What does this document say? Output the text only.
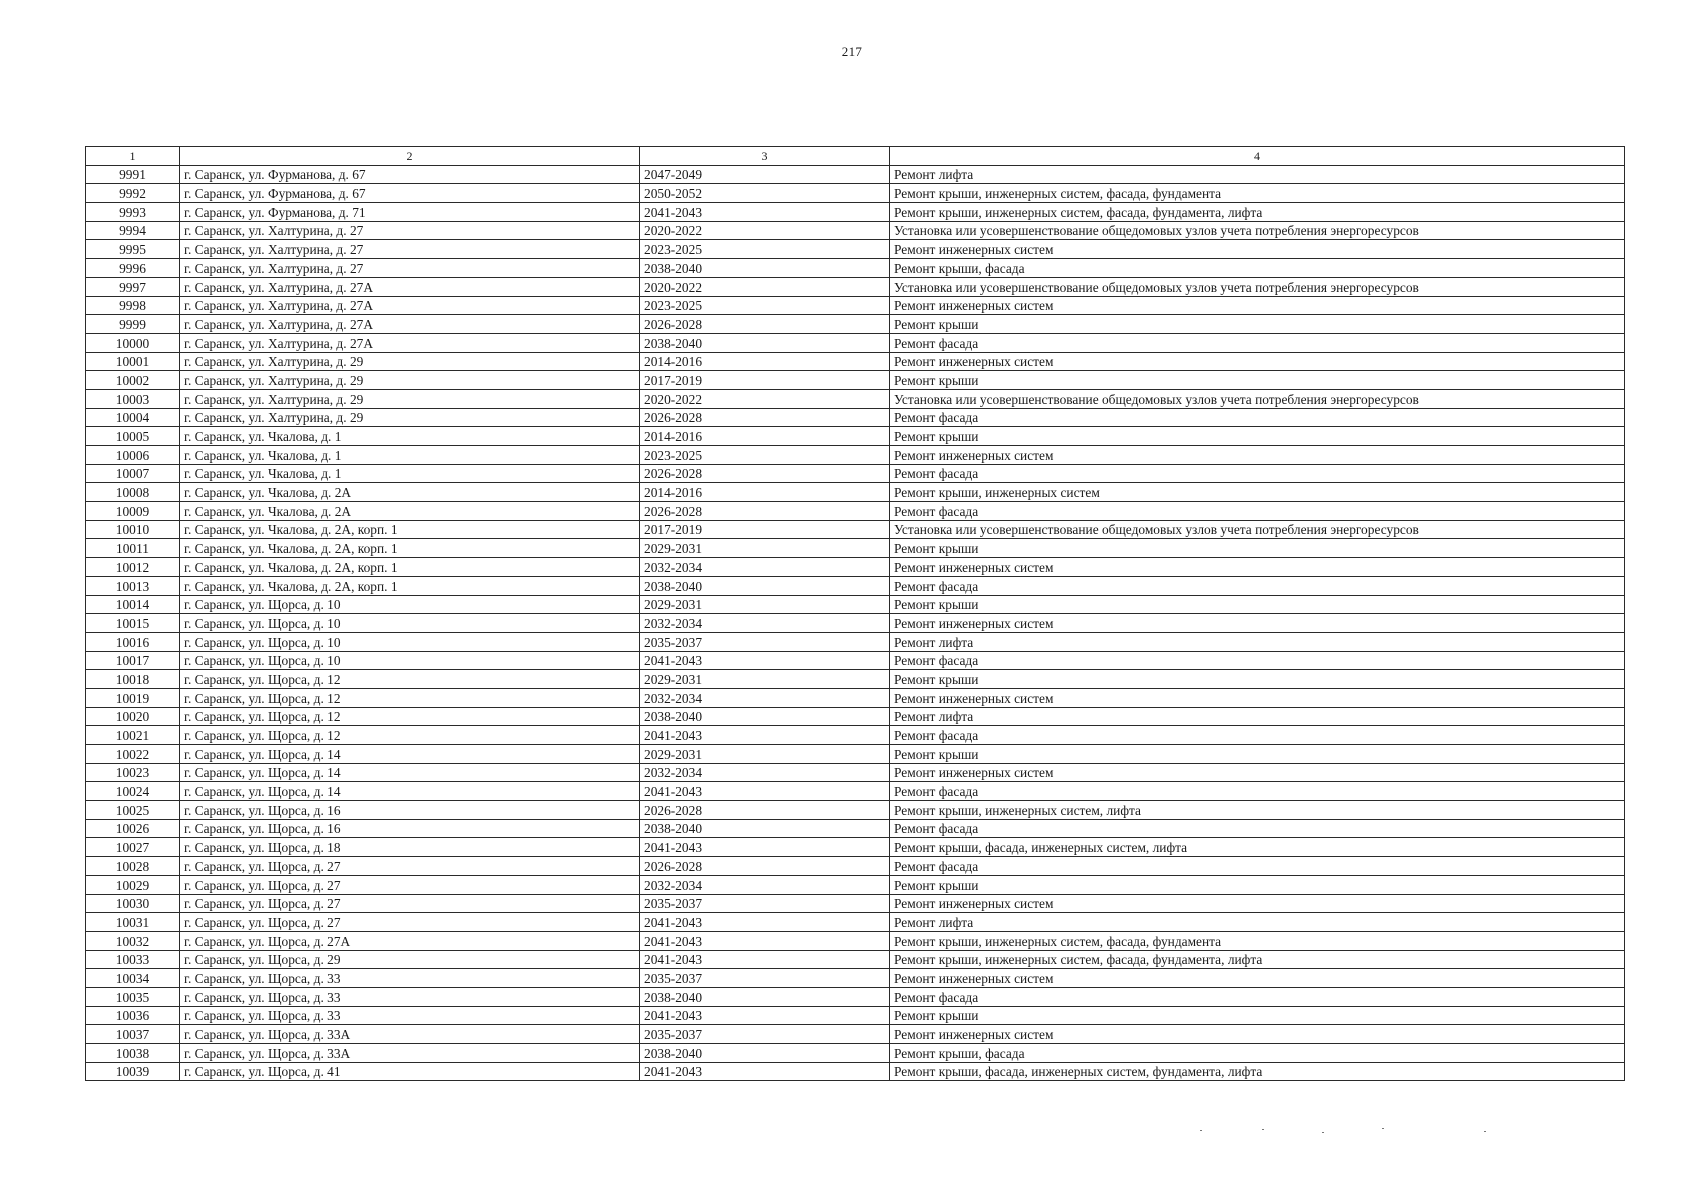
217
1	2	3	4
9991	г. Саранск, ул. Фурманова, д. 67	2047-2049	Ремонт лифта
9992	г. Саранск, ул. Фурманова, д. 67	2050-2052	Ремонт крыши, инженерных систем, фасада, фундамента
9993	г. Саранск, ул. Фурманова, д. 71	2041-2043	Ремонт крыши, инженерных систем, фасада, фундамента, лифта
9994	г. Саранск, ул. Халтурина, д. 27	2020-2022	Установка или усовершенствование общедомовых узлов учета потребления энергоресурсов
9995	г. Саранск, ул. Халтурина, д. 27	2023-2025	Ремонт инженерных систем
9996	г. Саранск, ул. Халтурина, д. 27	2038-2040	Ремонт крыши, фасада
9997	г. Саранск, ул. Халтурина, д. 27А	2020-2022	Установка или усовершенствование общедомовых узлов учета потребления энергоресурсов
9998	г. Саранск, ул. Халтурина, д. 27А	2023-2025	Ремонт инженерных систем
9999	г. Саранск, ул. Халтурина, д. 27А	2026-2028	Ремонт крыши
10000	г. Саранск, ул. Халтурина, д. 27А	2038-2040	Ремонт фасада
10001	г. Саранск, ул. Халтурина, д. 29	2014-2016	Ремонт инженерных систем
10002	г. Саранск, ул. Халтурина, д. 29	2017-2019	Ремонт крыши
10003	г. Саранск, ул. Халтурина, д. 29	2020-2022	Установка или усовершенствование общедомовых узлов учета потребления энергоресурсов
10004	г. Саранск, ул. Халтурина, д. 29	2026-2028	Ремонт фасада
10005	г. Саранск, ул. Чкалова, д. 1	2014-2016	Ремонт крыши
10006	г. Саранск, ул. Чкалова, д. 1	2023-2025	Ремонт инженерных систем
10007	г. Саранск, ул. Чкалова, д. 1	2026-2028	Ремонт фасада
10008	г. Саранск, ул. Чкалова, д. 2А	2014-2016	Ремонт крыши, инженерных систем
10009	г. Саранск, ул. Чкалова, д. 2А	2026-2028	Ремонт фасада
10010	г. Саранск, ул. Чкалова, д. 2А, корп. 1	2017-2019	Установка или усовершенствование общедомовых узлов учета потребления энергоресурсов
10011	г. Саранск, ул. Чкалова, д. 2А, корп. 1	2029-2031	Ремонт крыши
10012	г. Саранск, ул. Чкалова, д. 2А, корп. 1	2032-2034	Ремонт инженерных систем
10013	г. Саранск, ул. Чкалова, д. 2А, корп. 1	2038-2040	Ремонт фасада
10014	г. Саранск, ул. Щорса, д. 10	2029-2031	Ремонт крыши
10015	г. Саранск, ул. Щорса, д. 10	2032-2034	Ремонт инженерных систем
10016	г. Саранск, ул. Щорса, д. 10	2035-2037	Ремонт лифта
10017	г. Саранск, ул. Щорса, д. 10	2041-2043	Ремонт фасада
10018	г. Саранск, ул. Щорса, д. 12	2029-2031	Ремонт крыши
10019	г. Саранск, ул. Щорса, д. 12	2032-2034	Ремонт инженерных систем
10020	г. Саранск, ул. Щорса, д. 12	2038-2040	Ремонт лифта
10021	г. Саранск, ул. Щорса, д. 12	2041-2043	Ремонт фасада
10022	г. Саранск, ул. Щорса, д. 14	2029-2031	Ремонт крыши
10023	г. Саранск, ул. Щорса, д. 14	2032-2034	Ремонт инженерных систем
10024	г. Саранск, ул. Щорса, д. 14	2041-2043	Ремонт фасада
10025	г. Саранск, ул. Щорса, д. 16	2026-2028	Ремонт крыши, инженерных систем, лифта
10026	г. Саранск, ул. Щорса, д. 16	2038-2040	Ремонт фасада
10027	г. Саранск, ул. Щорса, д. 18	2041-2043	Ремонт крыши, фасада, инженерных систем, лифта
10028	г. Саранск, ул. Щорса, д. 27	2026-2028	Ремонт фасада
10029	г. Саранск, ул. Щорса, д. 27	2032-2034	Ремонт крыши
10030	г. Саранск, ул. Щорса, д. 27	2035-2037	Ремонт инженерных систем
10031	г. Саранск, ул. Щорса, д. 27	2041-2043	Ремонт лифта
10032	г. Саранск, ул. Щорса, д. 27А	2041-2043	Ремонт крыши, инженерных систем, фасада, фундамента
10033	г. Саранск, ул. Щорса, д. 29	2041-2043	Ремонт крыши, инженерных систем, фасада, фундамента, лифта
10034	г. Саранск, ул. Щорса, д. 33	2035-2037	Ремонт инженерных систем
10035	г. Саранск, ул. Щорса, д. 33	2038-2040	Ремонт фасада
10036	г. Саранск, ул. Щорса, д. 33	2041-2043	Ремонт крыши
10037	г. Саранск, ул. Щорса, д. 33А	2035-2037	Ремонт инженерных систем
10038	г. Саранск, ул. Щорса, д. 33А	2038-2040	Ремонт крыши, фасада
10039	г. Саранск, ул. Щорса, д. 41	2041-2043	Ремонт крыши, фасада, инженерных систем, фундамента, лифта
